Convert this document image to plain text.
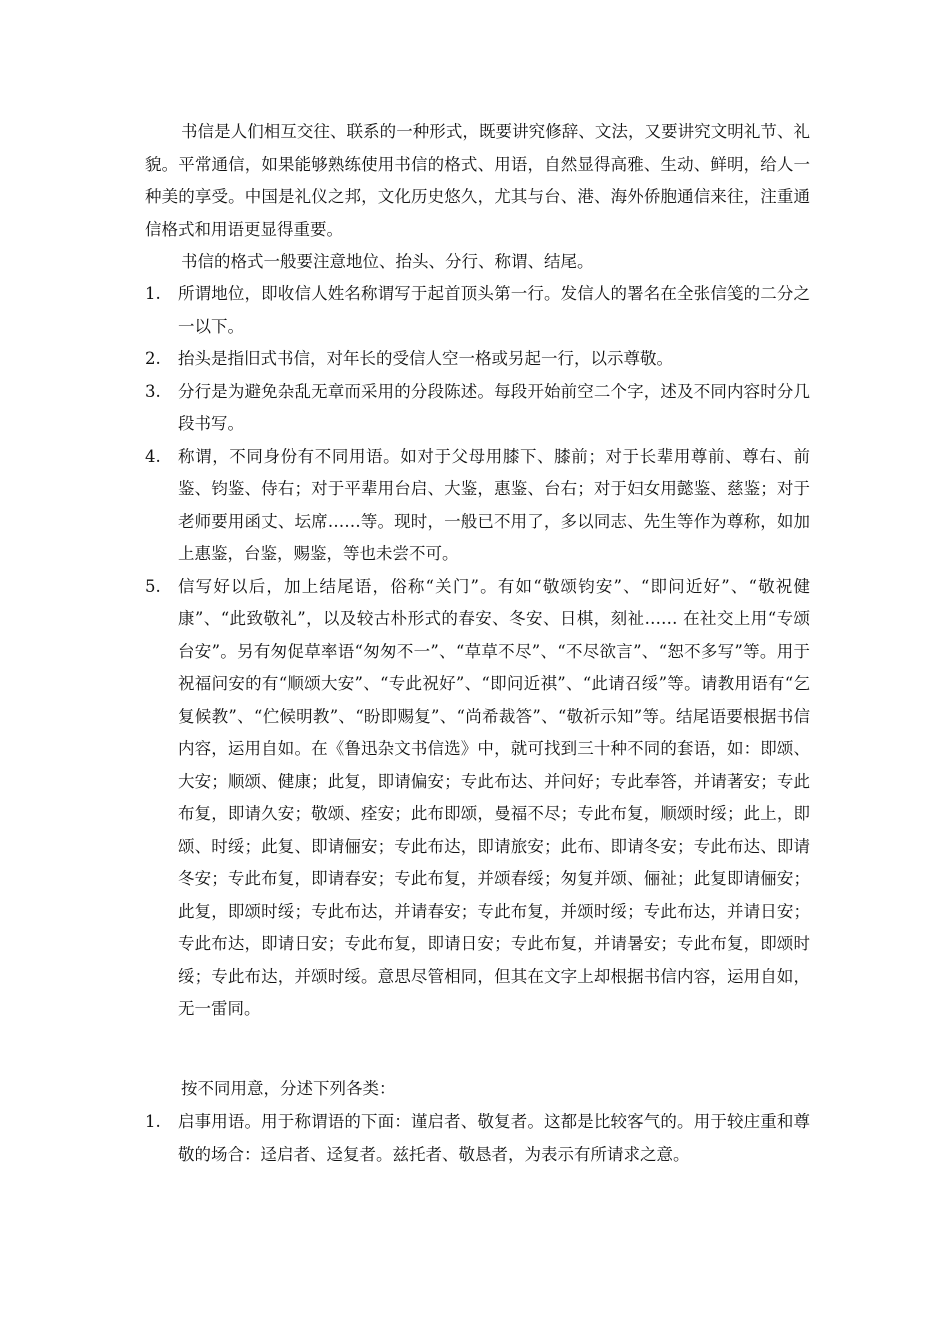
书信是人们相互交往、联系的一种形式，既要讲究修辞、文法，又要讲究文明礼节、礼貌。平常通信，如果能够熟练使用书信的格式、用语，自然显得高雅、生动、鲜明，给人一种美的享受。中国是礼仪之邦，文化历史悠久，尤其与台、港、海外侨胞通信来往，注重通信格式和用语更显得重要。

书信的格式一般要注意地位、抬头、分行、称谓、结尾。

1.	所谓地位，即收信人姓名称谓写于起首顶头第一行。发信人的署名在全张信笺的二分之一以下。
2.	抬头是指旧式书信，对年长的受信人空一格或另起一行，以示尊敬。
3.	分行是为避免杂乱无章而采用的分段陈述。每段开始前空二个字，述及不同内容时分几段书写。
4.	称谓，不同身份有不同用语。如对于父母用膝下、膝前；对于长辈用尊前、尊右、前鉴、钧鉴、侍右；对于平辈用台启、大鉴，惠鉴、台右；对于妇女用懿鉴、慈鉴；对于老师要用函丈、坛席……等。现时，一般已不用了，多以同志、先生等作为尊称，如加上惠鉴，台鉴，赐鉴，等也未尝不可。
5.	信写好以后，加上结尾语，俗称“关门”。有如“敬颂钧安”、“即问近好”、“敬祝健康”、“此致敬礼”，以及较古朴形式的春安、冬安、日棋，刻祉…… 在社交上用“专颂台安”。另有匆促草率语“匆匆不一”、“草草不尽”、“不尽欲言”、“恕不多写”等。用于祝福问安的有“顺颂大安”、“专此祝好”、“即问近祺”、“此请召绥”等。请教用语有“乞复候教”、“伫候明教”、“盼即赐复”、“尚希裁答”、“敬祈示知”等。结尾语要根据书信内容，运用自如。在《鲁迅杂文书信选》中，就可找到三十种不同的套语，如：即颂、大安；顺颂、健康；此复，即请偏安；专此布达、并问好；专此奉答，并请著安；专此布复，即请久安；敬颂、痊安；此布即颂，曼福不尽；专此布复，顺颂时绥；此上，即颂、时绥；此复、即请俪安；专此布达，即请旅安；此布、即请冬安；专此布达、即请冬安；专此布复，即请春安；专此布复，并颂春绥；匆复并颂、俪祉；此复即请俪安；此复，即颂时绥；专此布达，并请春安；专此布复，并颂时绥；专此布达，并请日安；专此布达，即请日安；专此布复，即请日安；专此布复，并请暑安；专此布复，即颂时绥；专此布达，并颂时绥。意思尽管相同，但其在文字上却根据书信内容，运用自如，无一雷同。

按不同用意，分述下列各类：

1.	启事用语。用于称谓语的下面：谨启者、敬复者。这都是比较客气的。用于较庄重和尊敬的场合：迳启者、迳复者。兹托者、敬恳者，为表示有所请求之意。
